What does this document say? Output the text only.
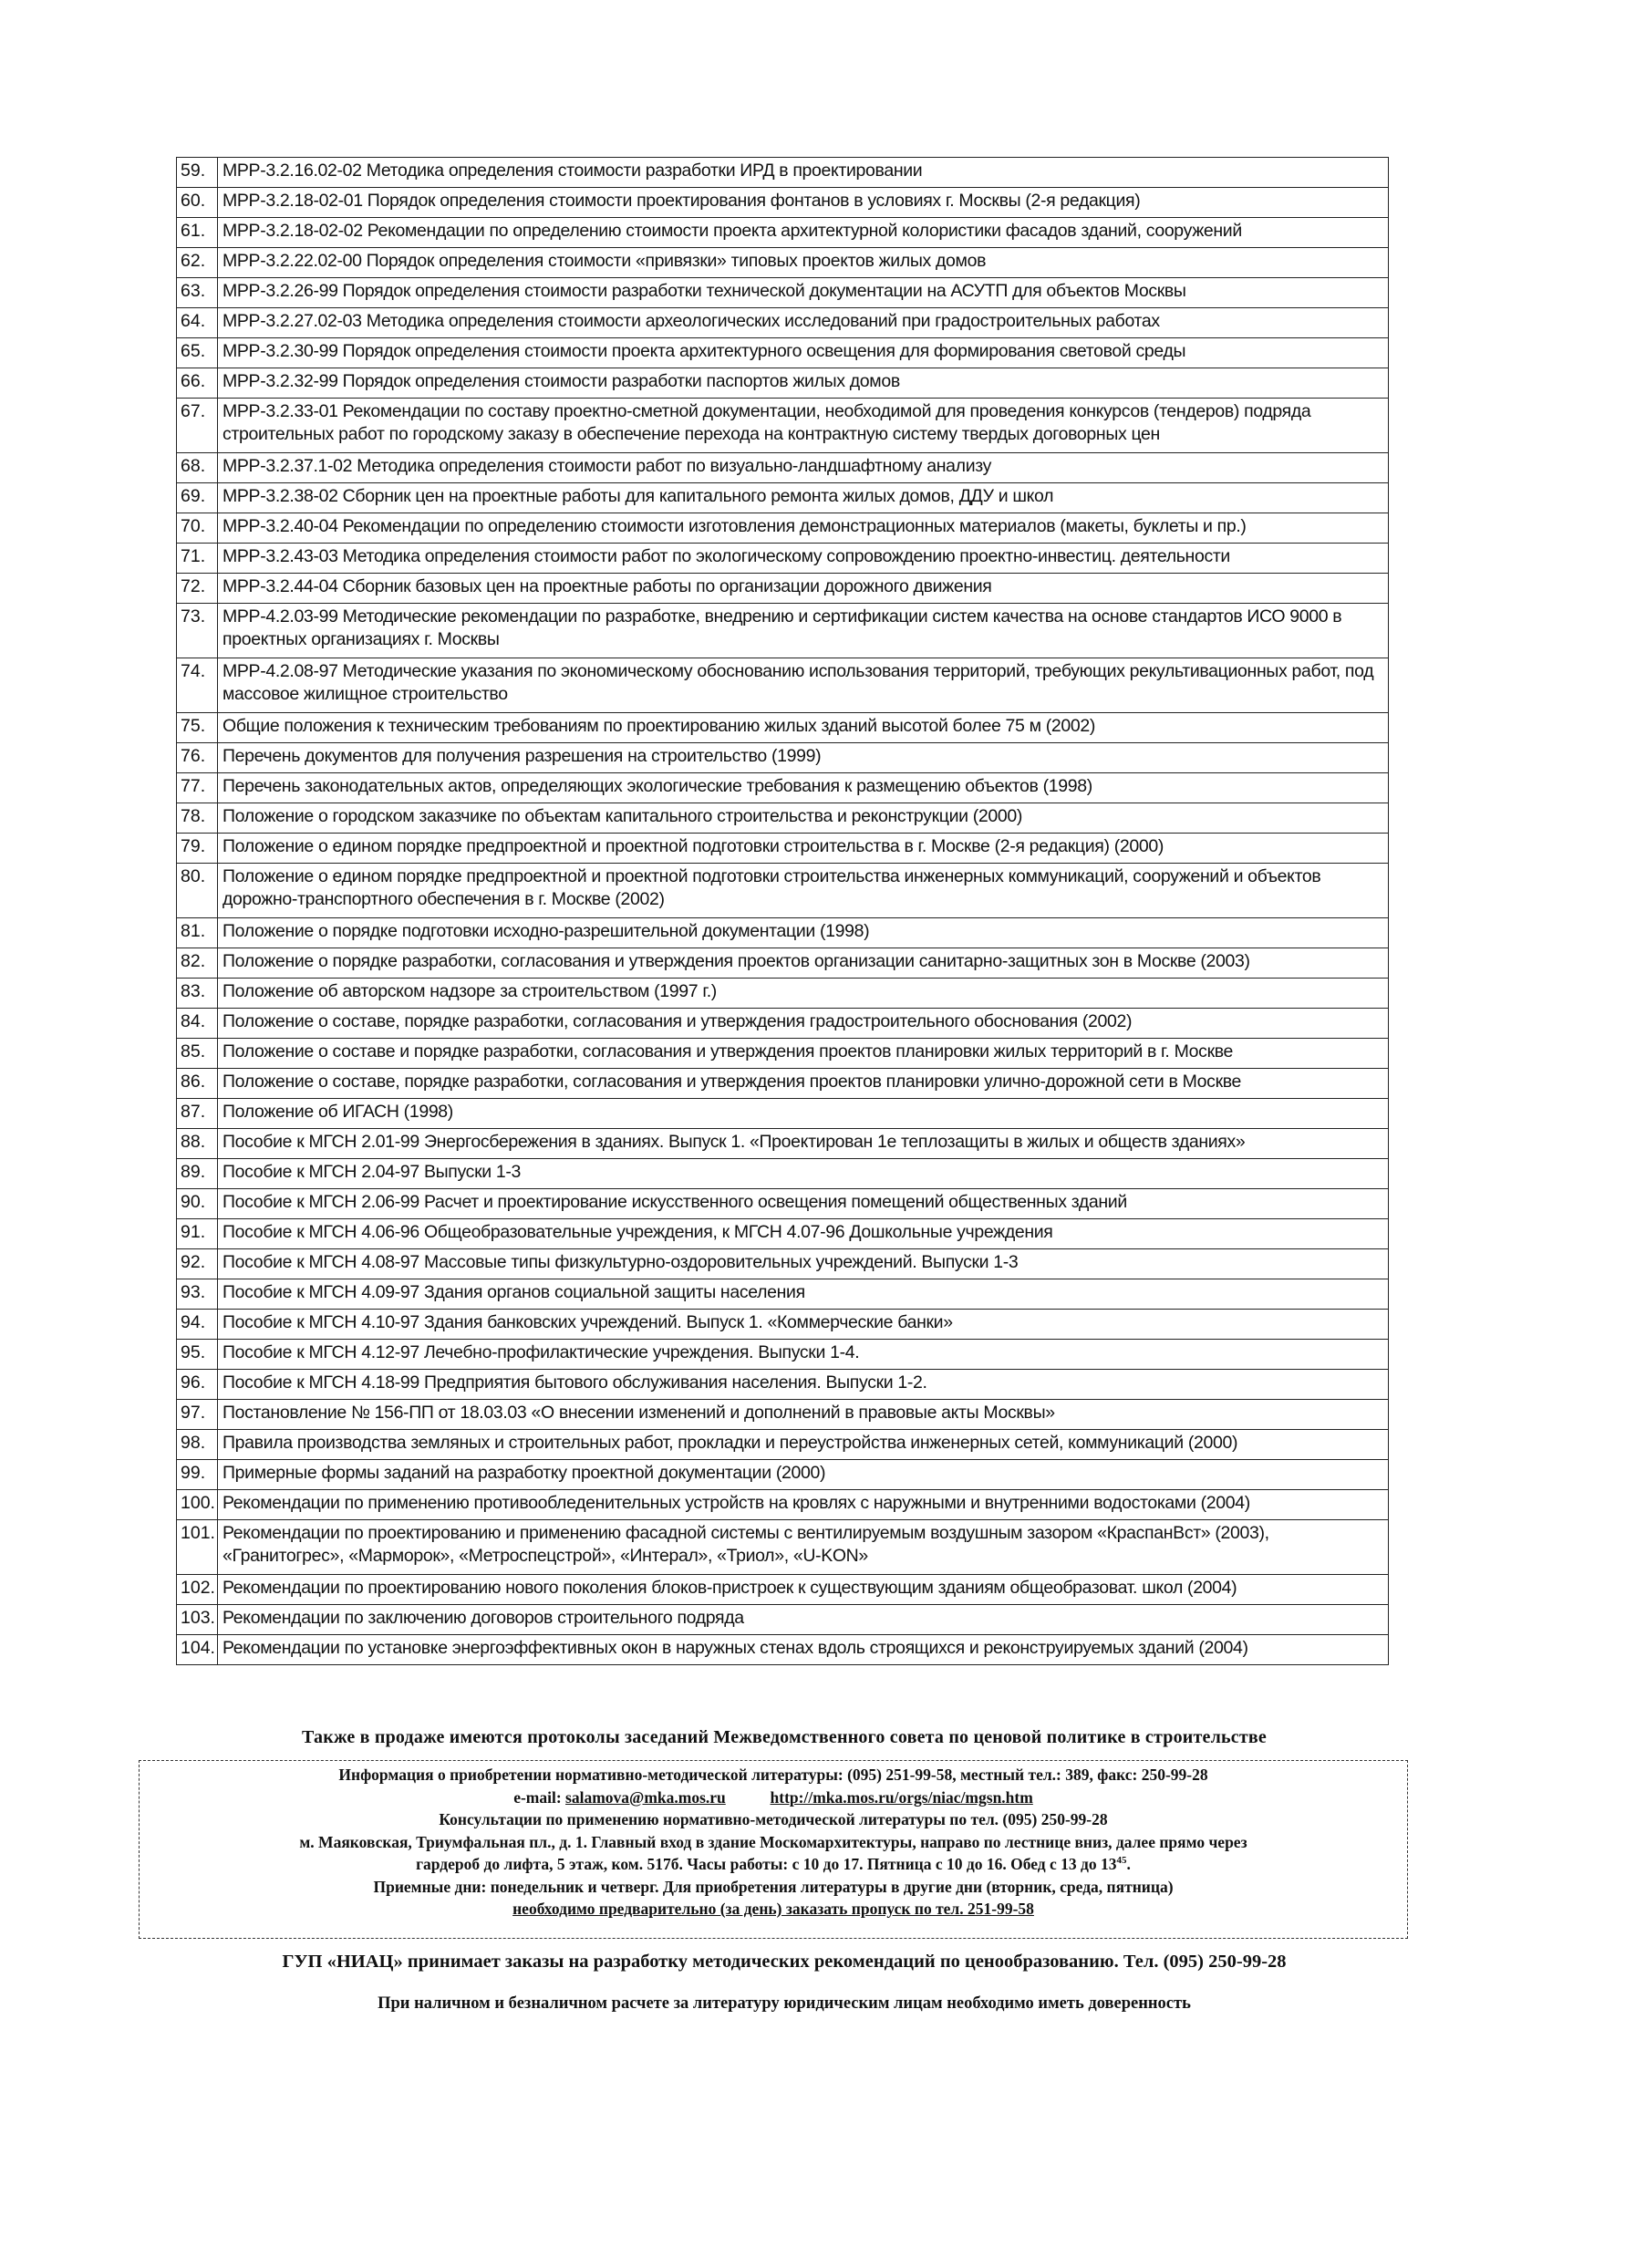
59.	МРР-3.2.16.02-02 Методика определения стоимости разработки ИРД в проектировании
60.	МРР-3.2.18-02-01 Порядок определения стоимости проектирования фонтанов в условиях г. Москвы (2-я редакция)
61.	МРР-3.2.18-02-02 Рекомендации по определению стоимости проекта архитектурной колористики фасадов зданий, сооружений
62.	МРР-3.2.22.02-00 Порядок определения стоимости «привязки» типовых проектов жилых домов
63.	МРР-3.2.26-99 Порядок определения стоимости разработки технической документации на АСУТП для объектов Москвы
64.	МРР-3.2.27.02-03 Методика определения стоимости археологических исследований при градостроительных работах
65.	МРР-3.2.30-99 Порядок определения стоимости проекта архитектурного освещения для формирования световой среды
66.	МРР-3.2.32-99 Порядок определения стоимости разработки паспортов жилых домов
67.	МРР-3.2.33-01 Рекомендации по составу проектно-сметной документации, необходимой для проведения конкурсов (тендеров) подряда строительных работ по городскому заказу в обеспечение перехода на контрактную систему твердых договорных цен
68.	МРР-3.2.37.1-02 Методика определения стоимости работ по визуально-ландшафтному анализу
69.	МРР-3.2.38-02 Сборник цен на проектные работы для капитального ремонта жилых домов, ДДУ и школ
70.	МРР-3.2.40-04 Рекомендации по определению стоимости изготовления демонстрационных материалов (макеты, буклеты и пр.)
71.	МРР-3.2.43-03 Методика определения стоимости работ по экологическому сопровождению проектно-инвестиц. деятельности
72.	МРР-3.2.44-04 Сборник базовых цен на проектные работы по организации дорожного движения
73.	МРР-4.2.03-99 Методические рекомендации по разработке, внедрению и сертификации систем качества на основе стандартов ИСО 9000 в проектных организациях г. Москвы
74.	МРР-4.2.08-97 Методические указания по экономическому обоснованию использования территорий, требующих рекультивационных работ, под массовое жилищное строительство
75.	Общие положения к техническим требованиям по проектированию жилых зданий высотой более 75 м (2002)
76.	Перечень документов для получения разрешения на строительство (1999)
77.	Перечень законодательных актов, определяющих экологические требования к размещению объектов (1998)
78.	Положение о городском заказчике по объектам капитального строительства и реконструкции (2000)
79.	Положение о едином порядке предпроектной и проектной подготовки строительства в г. Москве (2-я редакция) (2000)
80.	Положение о едином порядке предпроектной и проектной подготовки строительства инженерных коммуникаций, сооружений и объектов дорожно-транспортного обеспечения в г. Москве (2002)
81.	Положение о порядке подготовки исходно-разрешительной документации (1998)
82.	Положение о порядке разработки, согласования и утверждения проектов организации санитарно-защитных зон в Москве (2003)
83.	Положение об авторском надзоре за строительством (1997 г.)
84.	Положение о составе, порядке разработки, согласования и утверждения градостроительного обоснования (2002)
85.	Положение о составе и порядке разработки, согласования и утверждения проектов планировки жилых территорий в г. Москве
86.	Положение о составе, порядке разработки, согласования и утверждения проектов планировки улично-дорожной сети в Москве
87.	Положение об ИГАСН (1998)
88.	Пособие к МГСН 2.01-99 Энергосбережения в зданиях. Выпуск 1. «Проектирован 1е теплозащиты в жилых и обществ зданиях»
89.	Пособие к МГСН 2.04-97 Выпуски 1-3
90.	Пособие к МГСН 2.06-99 Расчет и проектирование искусственного освещения помещений общественных зданий
91.	Пособие к МГСН 4.06-96 Общеобразовательные учреждения, к МГСН 4.07-96 Дошкольные учреждения
92.	Пособие к МГСН 4.08-97 Массовые типы физкультурно-оздоровительных учреждений. Выпуски 1-3
93.	Пособие к МГСН 4.09-97 Здания органов социальной защиты населения
94.	Пособие к МГСН 4.10-97 Здания банковских учреждений. Выпуск 1. «Коммерческие банки»
95.	Пособие к МГСН 4.12-97 Лечебно-профилактические учреждения. Выпуски 1-4.
96.	Пособие к МГСН 4.18-99 Предприятия бытового обслуживания населения. Выпуски 1-2.
97.	Постановление № 156-ПП от 18.03.03 «О внесении изменений и дополнений в правовые акты Москвы»
98.	Правила производства земляных и строительных работ, прокладки и переустройства инженерных сетей, коммуникаций (2000)
99.	Примерные формы заданий на разработку проектной документации (2000)
100.	Рекомендации по применению противообледенительных устройств на кровлях с наружными и внутренними водостоками (2004)
101.	Рекомендации по проектированию и применению фасадной системы с вентилируемым воздушным зазором «КраспанВст» (2003), «Гранитогрес», «Марморок», «Метроспецстрой», «Интерал», «Триол», «U-KON»
102.	Рекомендации по проектированию нового поколения блоков-пристроек к существующим зданиям общеобразоват. школ (2004)
103.	Рекомендации по заключению договоров строительного подряда
104.	Рекомендации по установке энергоэффективных окон в наружных стенах вдоль строящихся и реконструируемых зданий (2004)
Также в продаже имеются протоколы заседаний Межведомственного совета по ценовой политике в строительстве
Информация о приобретении нормативно-методической литературы: (095) 251-99-58, местный тел.: 389, факс: 250-99-28
e-mail: salamova@mka.mos.ru	http://mka.mos.ru/orgs/niac/mgsn.htm
Консультации по применению нормативно-методической литературы по тел. (095) 250-99-28
м. Маяковская, Триумфальная пл., д. 1. Главный вход в здание Москомархитектуры, направо по лестнице вниз, далее прямо через
гардероб до лифта, 5 этаж, ком. 517б. Часы работы: с 10 до 17. Пятница с 10 до 16. Обед с 13 до $13^{45}$.
Приемные дни: понедельник и четверг. Для приобретения литературы в другие дни (вторник, среда, пятница)
необходимо предварительно (за день) заказать пропуск по тел. 251-99-58
ГУП «НИАЦ» принимает заказы на разработку методических рекомендаций по ценообразованию. Тел. (095) 250-99-28
При наличном и безналичном расчете за литературу юридическим лицам необходимо иметь доверенность
